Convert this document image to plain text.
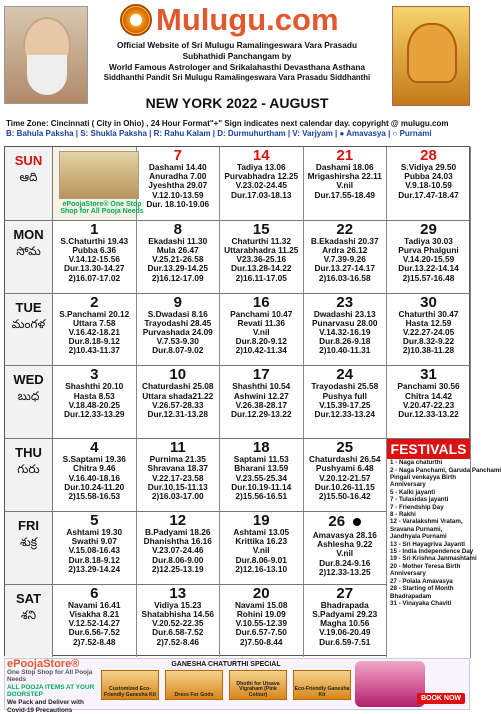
Mulugu.com
Official Website of Sri Mulugu Ramalingeswara Vara Prasadu
Subhathidi Panchangam by
World Famous Astrologer and Srikalahasthi Devasthana Asthana
Siddhanthi Pandit Sri Mulugu Ramalingeswara Vara Prasadu Siddhanthi
NEW YORK 2022 - AUGUST
Time Zone: Cincinnati ( City in Ohio) , 24 Hour Format"+" Sign indicates next calendar day. copyright @ mulugu.com
B: Bahula Paksha | S: Shukla Paksha | R: Rahu Kalam | D: Durmuhurtham | V: Varjyam | ● Amavasya | ○ Purnami
SUN
ఆది
ePoojaStore® One Stop Shop for All Pooja Needs
7
Dashami 14.40
Anuradha 7.00
Jyeshtha 29.07
V.12.10-13.59
Dur. 18.10-19.06
14
Tadiya 13.06
Purvabhadra 12.25
V.23.02-24.45
Dur.17.03-18.13
21
Dashami 18.06
Mrigashirsha 22.11
V.nil
Dur.17.55-18.49
28
S.Vidiya 29.50
Pubba 24.03
V.9.18-10.59
Dur.17.47-18.47
MON
సోమ
1
S.Chaturthi 19.43
Pubba 6.36
V.14.12-15.56
Dur.13.30-14.27
2)16.07-17.02
8
Ekadashi 11.30
Mula 26.47
V.25.21-26.58
Dur.13.29-14.25
2)16.12-17.09
15
Chaturthi 11.32
Uttarabhadra 11.25
V23.36-25.16
Dur.13.28-14.22
2)16.11-17.05
22
B.Ekadashi 20.37
Ardra 26.12
V.7.39-9.26
Dur.13.27-14.17
2)16.03-16.58
29
Tadiya 30.03
Purva Phalguni
V.14.20-15.59
Dur.13.22-14.14
2)15.57-16.48
TUE
మంగళ
2
S.Panchami 20.12
Uttara 7.58
V.16.42-18.21
Dur.8.18-9.12
2)10.43-11.37
9
S.Dwadasi 8.16
Trayodashi 28.45
Purvashada 24.09
V.7.53-9.30
Dur.8.07-9.02
16
Panchami 10.47
Revati 11.36
V.nil
Dur.8.20-9.12
2)10.42-11.34
23
Dwadashi 23.13
Punarvasu 28.00
V.14.32-16.19
Dur.8.26-9.18
2)10.40-11.31
30
Chaturthi 30.47
Hasta 12.59
V.22.27-24.05
Dur.8.32-9.22
2)10.38-11.28
WED
బుధ
3
Shashthi 20.10
Hasta 8.53
V.18.48-20.25
Dur.12.33-13.29
10
Chaturdashi 25.08
Uttara shada21.22
V.26.57-28.33
Dur.12.31-13.28
17
Shashthi 10.54
Ashwini 12.27
V.26.38-28.17
Dur.12.29-13.22
24
Trayodashi 25.58
Pushya full
V.15.39-17.25
Dur.12.33-13.24
31
Panchami 30.56
Chitra 14.42
V.20.47-22.23
Dur.12.33-13.22
THU
గురు
4
S.Saptami 19.36
Chitra 9.46
V.16.40-18.16
Dur.10.24-11.20
2)15.58-16.53
11
Purnima 21.35
Shravana 18.37
V.22.17-23.58
Dur.10.15-11.13
2)16.03-17.00
18
Saptami 11.53
Bharani 13.59
V.23.55-25.34
Dur.10.19-11.14
2)15.56-16.51
25
Chaturdashi 26.54
Pushyami 6.48
V.20.12-21.57
Dur.10.26-11.15
2)15.50-16.42
FESTIVALS
1 - Naga chaturthi
2 - Naga Panchami, Garuda Panchami
Pingali venkayya Birth
Anniversary
5 - Kalki jayanti
7 - Tulasidas jayanti
7 - Friendship Day
8 - Rakhi
12 - Varalakshmi Vratam,
Sravana Purnami,
Jandhyala Purnami
13 - Sri Hayagriva Jayanti
15 - India Independence Day
19 - Sri Krishna Janmashtami
20 - Mother Teresa Birth
Anniversary
27 - Polala Amavasya
28 - Starting of Month
Bhadrapadam
31 - Vinayaka Chaviti
FRI
శుక్ర
5
Ashtami 19.30
Swathi 9.07
V.15.08-16.43
Dur.8.18-9.12
2)13.29-14.24
12
B.Padyami 18.26
Dhanishtha 16.16
V.23.07-24.46
Dur.8.06-9.00
2)12.25-13.19
19
Ashtami 13.05
Krittika 16.23
V.nil
Dur.8.06-9.01
2)12.16-13.10
26
Amavasya 28.16
Ashlesha 9.22
V.nil
Dur.8.24-9.16
2)12.33-13.25
SAT
శని
6
Navami 16.41
Visakha 8.21
V.12.52-14.27
Dur.6.56-7.52
2)7.52-8.48
13
Vidiya 15.23
Shatabhisha 14.56
V.20.52-22.35
Dur.6.58-7.52
2)7.52-8.46
20
Navami 15.08
Rohini 19.09
V.10.55-12.39
Dur.6.57-7.50
2)7.50-8.44
27
Bhadrapada
S.Padyami 29.23
Magha 10.56
V.19.06-20.49
Dur.6.59-7.51
ePoojaStore®
One Stop Shop for All Pooja Needs
ALL POOJA ITEMS AT YOUR DOORSTEP
We Pack and Deliver with Covid-19 Precautions
GANESHA CHATURTHI SPECIAL
Customized Eco-Friendly Ganesha Kit	Dress For Gods
Dhothi for Utsava Vigraham (Pink Colour)
Eco-Friendly Ganesha Kit	BOOK NOW
